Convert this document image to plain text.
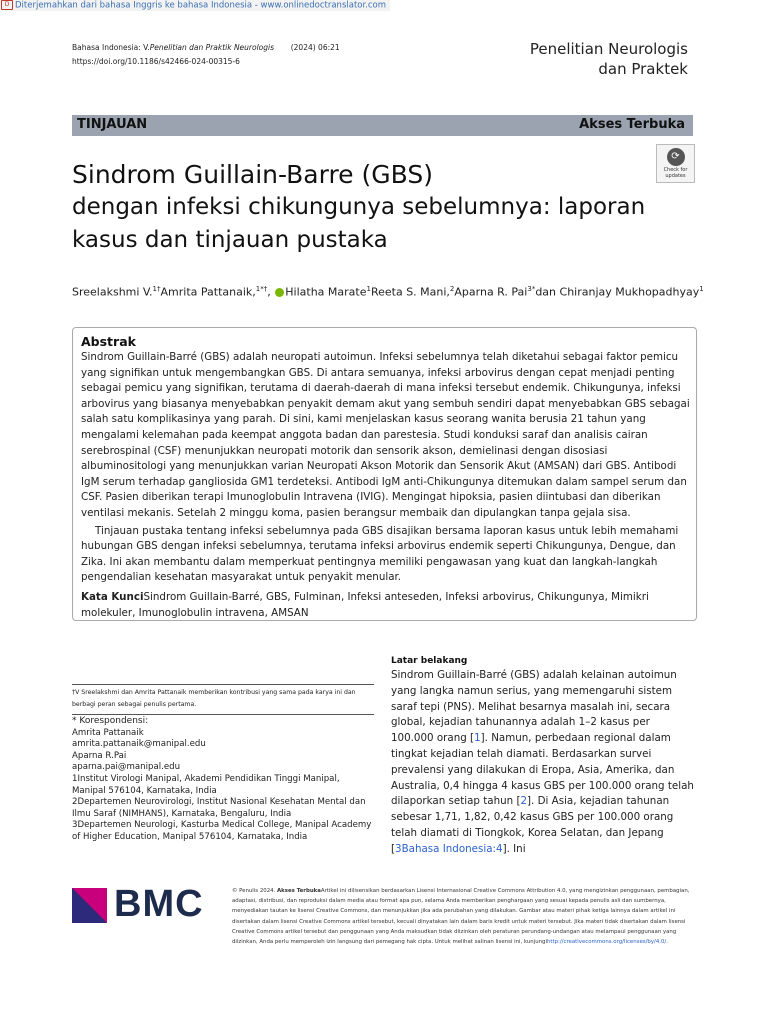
D Diterjemahkan dari bahasa Inggris ke bahasa Indonesia - www.onlinedoctranslator.com
Bahasa Indonesia: V.Penelitian dan Praktik Neurologis (2024) 06:21
https://doi.org/10.1186/s42466-024-00315-6
Penelitian Neurologis
dan Praktek
TINJAUAN	Akses Terbuka
⟳
Check for
updates
Sindrom Guillain-Barre (GBS)
dengan infeksi chikungunya sebelumnya: laporan
kasus dan tinjauan pustaka
Sreelakshmi V.$^{1\dagger}$Amrita Pattanaik,$^{1*\dagger}$, Hilatha Marate$^1$Reeta S. Mani,$^2$Aparna R. Pai$^{3*}$dan Chiranjay Mukhopadhyay$^1$
Abstrak

Sindrom Guillain-Barré (GBS) adalah neuropati autoimun. Infeksi sebelumnya telah diketahui sebagai faktor pemicu yang signifikan untuk mengembangkan GBS. Di antara semuanya, infeksi arbovirus dengan cepat menjadi penting sebagai pemicu yang signifikan, terutama di daerah-daerah di mana infeksi tersebut endemik. Chikungunya, infeksi arbovirus yang biasanya menyebabkan penyakit demam akut yang sembuh sendiri dapat menyebabkan GBS sebagai salah satu komplikasinya yang parah. Di sini, kami menjelaskan kasus seorang wanita berusia 21 tahun yang mengalami kelemahan pada keempat anggota badan dan parestesia. Studi konduksi saraf dan analisis cairan serebrospinal (CSF) menunjukkan neuropati motorik dan sensorik akson, demielinasi dengan disosiasi albuminositologi yang menunjukkan varian Neuropati Akson Motorik dan Sensorik Akut (AMSAN) dari GBS. Antibodi IgM serum terhadap gangliosida GM1 terdeteksi. Antibodi IgM anti-Chikungunya ditemukan dalam sampel serum dan CSF. Pasien diberikan terapi Imunoglobulin Intravena (IVIG). Mengingat hipoksia, pasien diintubasi dan diberikan ventilasi mekanis. Setelah 2 minggu koma, pasien berangsur membaik dan dipulangkan tanpa gejala sisa.

Tinjauan pustaka tentang infeksi sebelumnya pada GBS disajikan bersama laporan kasus untuk lebih memahami hubungan GBS dengan infeksi sebelumnya, terutama infeksi arbovirus endemik seperti Chikungunya, Dengue, dan Zika. Ini akan membantu dalam memperkuat pentingnya memiliki pengawasan yang kuat dan langkah-langkah pengendalian kesehatan masyarakat untuk penyakit menular.

Kata KunciSindrom Guillain-Barré, GBS, Fulminan, Infeksi anteseden, Infeksi arbovirus, Chikungunya, Mimikri molekuler, Imunoglobulin intravena, AMSAN

†V Sreelakshmi dan Amrita Pattanaik memberikan kontribusi yang sama pada karya ini dan
berbagi peran sebagai penulis pertama.
* Korespondensi:
Amrita Pattanaik
amrita.pattanaik@manipal.edu
Aparna R.Pai
aparna.pai@manipal.edu
1Institut Virologi Manipal, Akademi Pendidikan Tinggi Manipal, Manipal 576104, Karnataka, India
2Departemen Neurovirologi, Institut Nasional Kesehatan Mental dan Ilmu Saraf (NIMHANS), Karnataka, Bengaluru, India
3Departemen Neurologi, Kasturba Medical College, Manipal Academy of Higher Education, Manipal 576104, Karnataka, India
Latar belakang
Sindrom Guillain-Barré (GBS) adalah kelainan autoimun yang langka namun serius, yang memengaruhi sistem saraf tepi (PNS). Melihat besarnya masalah ini, secara global, kejadian tahunannya adalah 1–2 kasus per 100.000 orang [1]. Namun, perbedaan regional dalam tingkat kejadian telah diamati. Berdasarkan survei prevalensi yang dilakukan di Eropa, Asia, Amerika, dan Australia, 0,4 hingga 4 kasus GBS per 100.000 orang telah dilaporkan setiap tahun [2]. Di Asia, kejadian tahunan sebesar 1,71, 1,82, 0,42 kasus GBS per 100.000 orang telah diamati di Tiongkok, Korea Selatan, dan Jepang [3Bahasa Indonesia:4]. Ini
BMC	© Penulis 2024. Akses TerbukaArtikel ini dilisensikan berdasarkan Lisensi Internasional Creative Commons Attribution 4.0, yang mengizinkan penggunaan, pembagian, adaptasi, distribusi, dan reproduksi dalam media atau format apa pun, selama Anda memberikan penghargaan yang sesuai kepada penulis asli dan sumbernya, menyediakan tautan ke lisensi Creative Commons, dan menunjukkan jika ada perubahan yang dilakukan. Gambar atau materi pihak ketiga lainnya dalam artikel ini disertakan dalam lisensi Creative Commons artikel tersebut, kecuali dinyatakan lain dalam baris kredit untuk materi tersebut. Jika materi tidak disertakan dalam lisensi Creative Commons artikel tersebut dan penggunaan yang Anda maksudkan tidak diizinkan oleh peraturan perundang-undangan atau melampaui penggunaan yang diizinkan, Anda perlu memperoleh izin langsung dari pemegang hak cipta. Untuk melihat salinan lisensi ini, kunjungihttp://creativecommons.org/licenses/by/4.0/.
